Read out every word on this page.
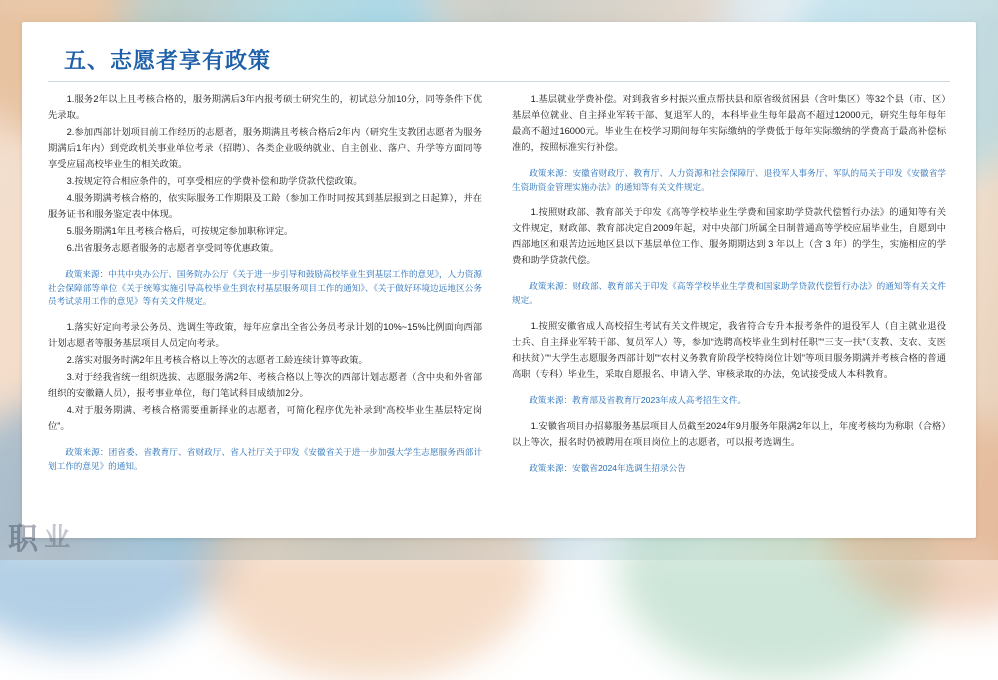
五、志愿者享有政策

1.服务2年以上且考核合格的，服务期满后3年内报考硕士研究生的，初试总分加10分，同等条件下优先录取。

2.参加西部计划项目前工作经历的志愿者，服务期满且考核合格后2年内（研究生支教团志愿者为服务期满后1年内）到党政机关事业单位考录（招聘）、各类企业吸纳就业、自主创业、落户、升学等方面同等享受应届高校毕业生的相关政策。

3.按规定符合相应条件的，可享受相应的学费补偿和助学贷款代偿政策。

4.服务期满考核合格的，依实际服务工作期限及工龄（参加工作时同按其到基层报到之日起算），并在服务证书和服务鉴定表中体现。

5.服务期满1年且考核合格后，可按规定参加职称评定。

6.出省服务志愿者服务的志愿者享受同等优惠政策。

政策来源：中共中央办公厅、国务院办公厅《关于进一步引导和鼓励高校毕业生到基层工作的意见》，人力资源社会保障部等单位《关于统筹实施引导高校毕业生到农村基层服务项目工作的通知》、《关于做好环境边远地区公务员考试录用工作的意见》等有关文件规定。

1.落实好定向考录公务员、选调生等政策，每年应拿出全省公务员考录计划的10%~15%比例面向西部计划志愿者等服务基层项目人员定向考录。

2.落实对服务时满2年且考核合格以上等次的志愿者工龄连续计算等政策。

3.对于经我省统一组织选拔、志愿服务满2年、考核合格以上等次的西部计划志愿者（含中央和外省部组织的安徽籍人员），报考事业单位，每门笔试科目成绩加2分。

4.对于服务期满、考核合格需要重新择业的志愿者，可简化程序优先补录到“高校毕业生基层特定岗位”。

政策来源：团省委、省教育厅、省财政厅、省人社厅关于印发《安徽省关于进一步加强大学生志愿服务西部计划工作的意见》的通知。

1.基层就业学费补偿。对到我省乡村振兴重点帮扶县和原省级贫困县（含叶集区）等32个县（市、区）基层单位就业、自主择业军转干部、复退军人的，本科毕业生每年最高不超过12000元，研究生每年每年最高不超过16000元。毕业生在校学习期间每年实际缴纳的学费低于每年实际缴纳的学费高于最高补偿标准的，按照标准实行补偿。

政策来源：安徽省财政厅、教育厅、人力资源和社会保障厅、退役军人事务厅、军队的局关于印发《安徽省学生资助资金管理实施办法》的通知等有关文件规定。

1.按照财政部、教育部关于印发《高等学校毕业生学费和国家助学贷款代偿暂行办法》的通知等有关文件规定，财政部、教育部决定自2009年起，对中央部门所属全日制普通高等学校应届毕业生，自愿到中西部地区和艰苦边远地区县以下基层单位工作、服务期期达到 3 年以上（含 3 年）的学生，实施相应的学费和助学贷款代偿。

政策来源：财政部、教育部关于印发《高等学校毕业生学费和国家助学贷款代偿暂行办法》的通知等有关文件规定。

1.按照安徽省成人高校招生考试有关文件规定，我省符合专升本报考条件的退役军人（自主就业退役士兵、自主择业军转干部、复员军人）等，参加“选聘高校毕业生到村任职”“三支一扶”（支教、支农、支医和扶贫）”“大学生志愿服务西部计划”“农村义务教育阶段学校特岗位计划”等项目服务期满并考核合格的普通高职（专科）毕业生，采取自愿报名、申请入学、审核录取的办法，免试接受成人本科教育。

政策来源：教育部及省教育厅2023年成人高考招生文件。

1.安徽省项目办招募服务基层项目人员截至2024年9月服务年限满2年以上，年度考核均为称职（合格）以上等次，报名时仍被聘用在项目岗位上的志愿者，可以报考选调生。

政策来源：安徽省2024年选调生招录公告

职 业
